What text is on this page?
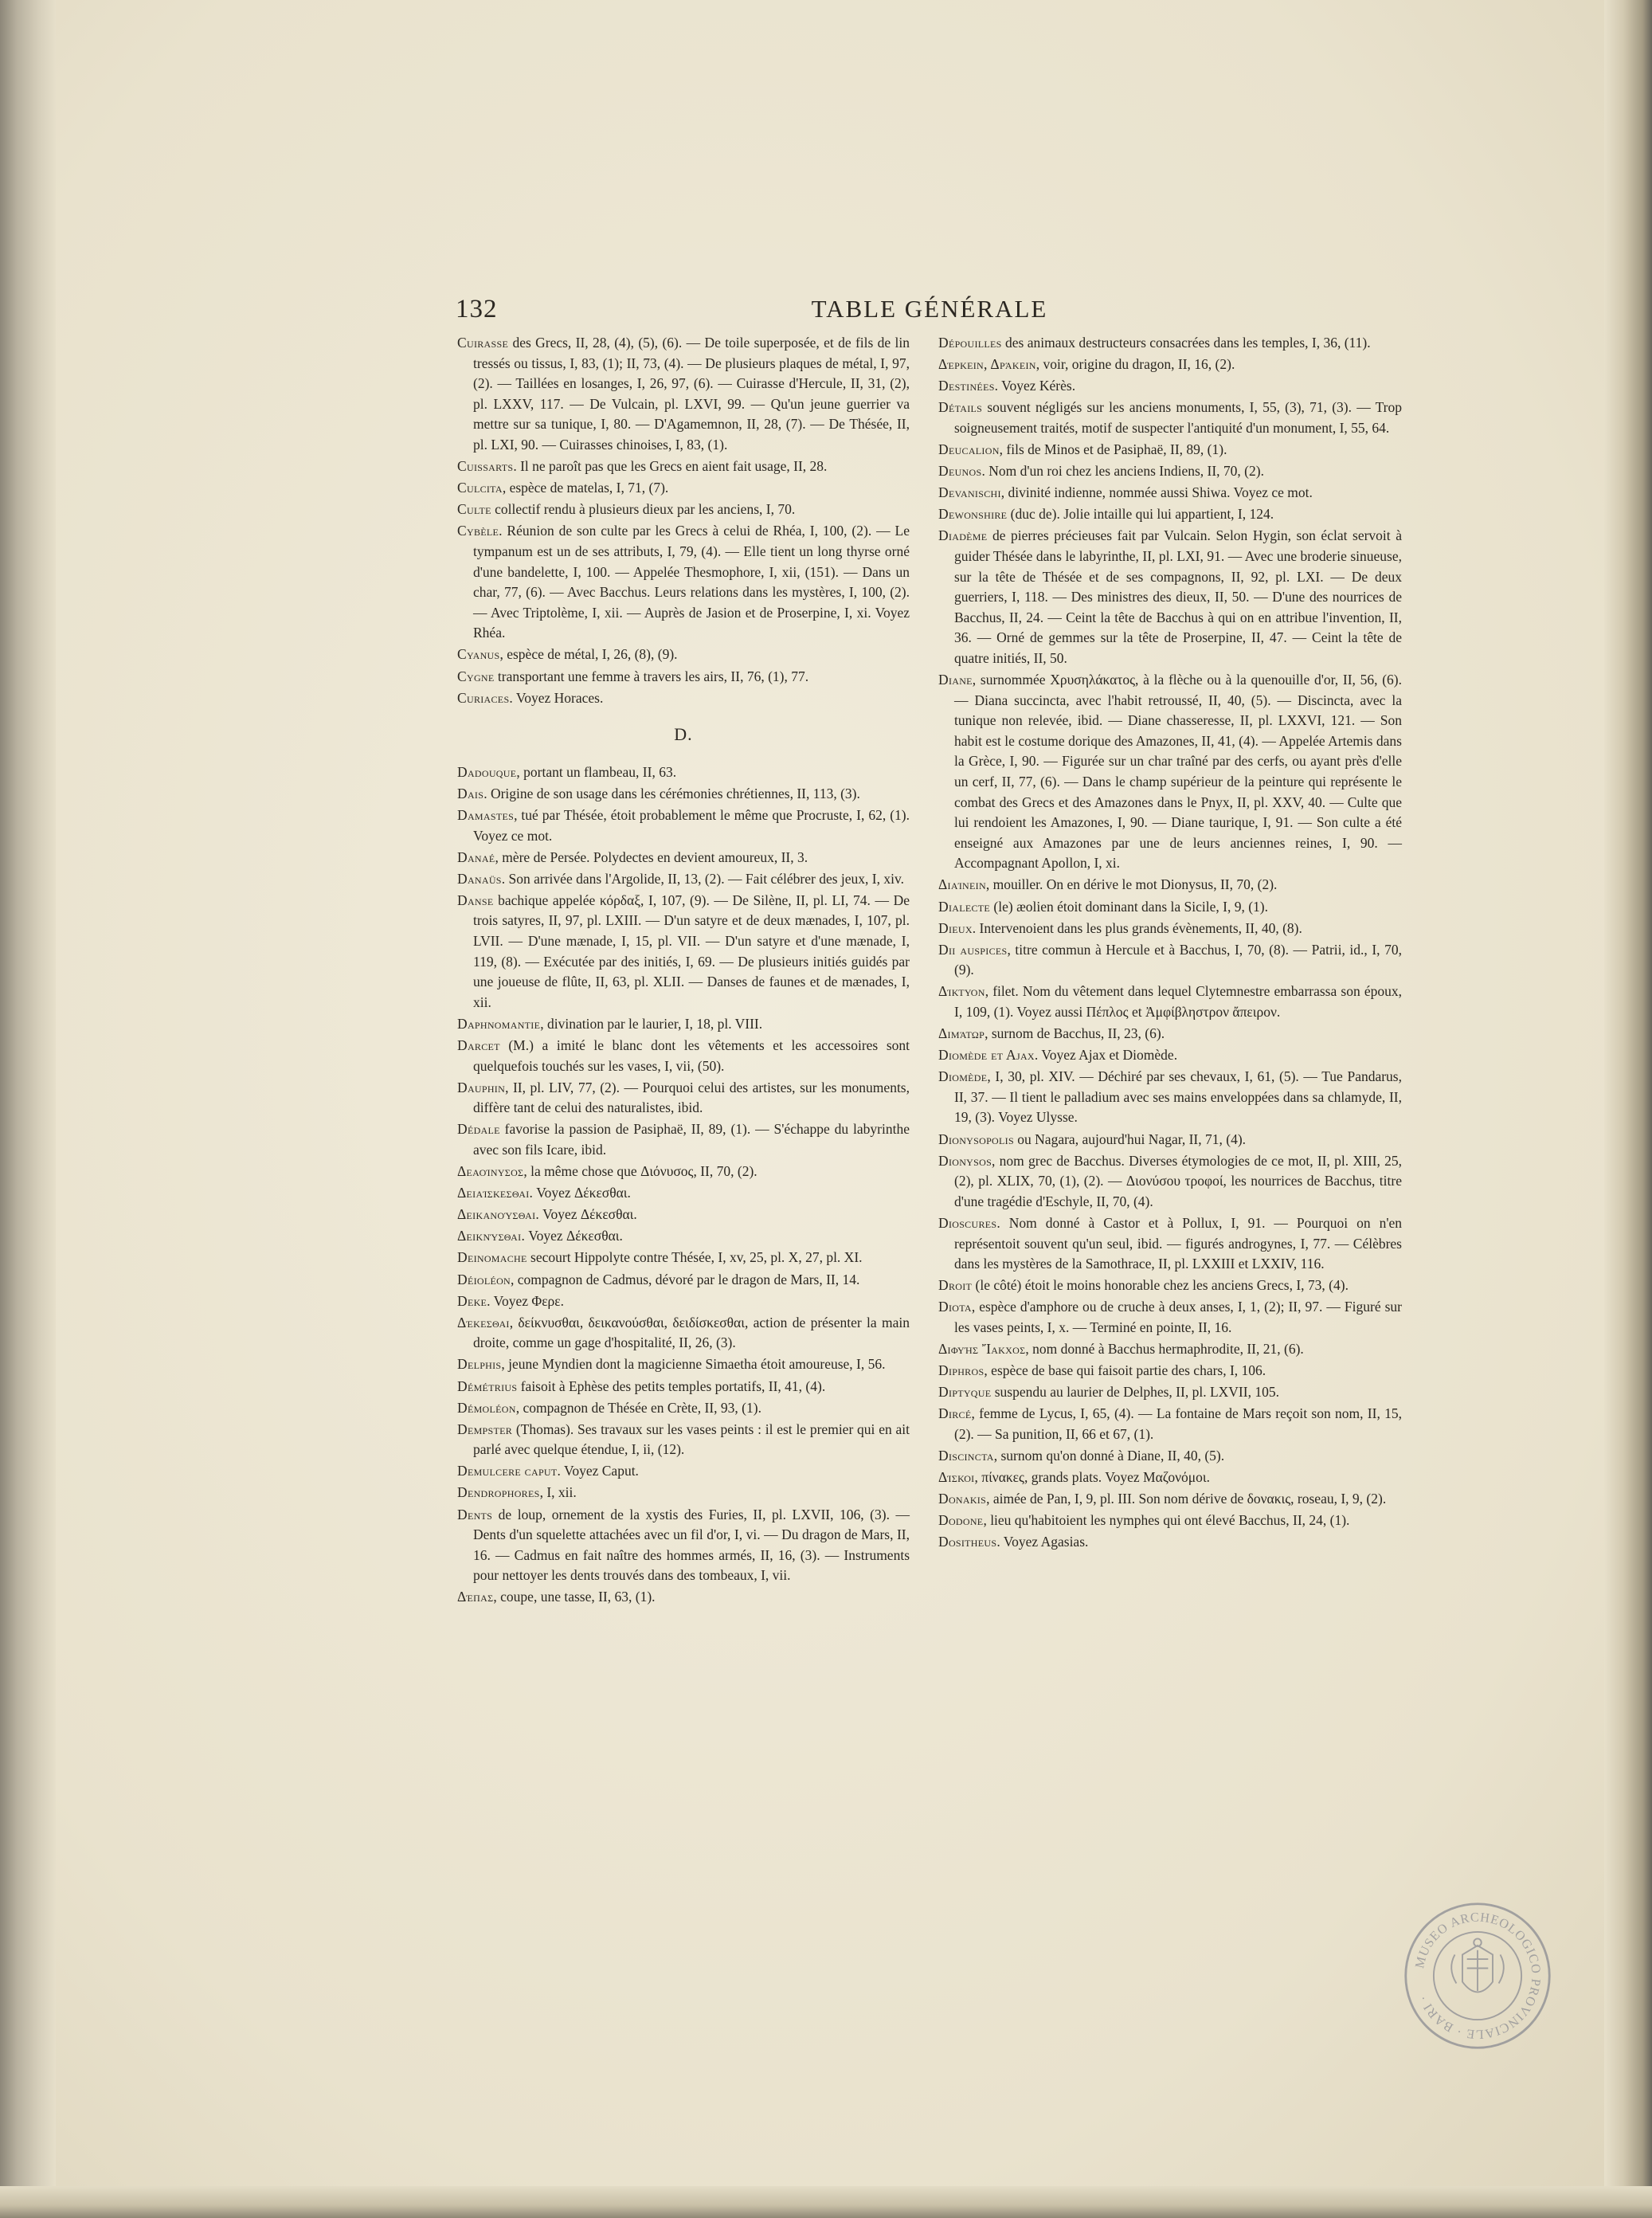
132	TABLE GÉNÉRALE

Cuirasse des Grecs, II, 28, (4), (5), (6). — De toile superposée, et de fils de lin tressés ou tissus, I, 83, (1); II, 73, (4). — De plusieurs plaques de métal, I, 97, (2). — Taillées en losanges, I, 26, 97, (6). — Cuirasse d'Hercule, II, 31, (2), pl. LXXV, 117. — De Vulcain, pl. LXVI, 99. — Qu'un jeune guerrier va mettre sur sa tunique, I, 80. — D'Agamemnon, II, 28, (7). — De Thésée, II, pl. LXI, 90. — Cuirasses chinoises, I, 83, (1).

Cuissarts. Il ne paroît pas que les Grecs en aient fait usage, II, 28.

Culcita, espèce de matelas, I, 71, (7).

Culte collectif rendu à plusieurs dieux par les anciens, I, 70.

Cybèle. Réunion de son culte par les Grecs à celui de Rhéa, I, 100, (2). — Le tympanum est un de ses attributs, I, 79, (4). — Elle tient un long thyrse orné d'une bandelette, I, 100. — Appelée Thesmophore, I, xii, (151). — Dans un char, 77, (6). — Avec Bacchus. Leurs relations dans les mystères, I, 100, (2). — Avec Triptolème, I, xii. — Auprès de Jasion et de Proserpine, I, xi. Voyez Rhéa.

Cyanus, espèce de métal, I, 26, (8), (9).

Cygne transportant une femme à travers les airs, II, 76, (1), 77.

Curiaces. Voyez Horaces.

D.

Dadouque, portant un flambeau, II, 63.

Dais. Origine de son usage dans les cérémonies chrétiennes, II, 113, (3).

Damastes, tué par Thésée, étoit probablement le même que Procruste, I, 62, (1). Voyez ce mot.

Danaé, mère de Persée. Polydectes en devient amoureux, II, 3.

Danaüs. Son arrivée dans l'Argolide, II, 13, (2). — Fait célébrer des jeux, I, xiv.

Danse bachique appelée κόρδαξ, I, 107, (9). — De Silène, II, pl. LI, 74. — De trois satyres, II, 97, pl. LXIII. — D'un satyre et de deux mænades, I, 107, pl. LVII. — D'une mænade, I, 15, pl. VII. — D'un satyre et d'une mænade, I, 119, (8). — Exécutée par des initiés, I, 69. — De plusieurs initiés guidés par une joueuse de flûte, II, 63, pl. XLII. — Danses de faunes et de mænades, I, xii.

Daphnomantie, divination par le laurier, I, 18, pl. VIII.

Darcet (M.) a imité le blanc dont les vêtements et les accessoires sont quelquefois touchés sur les vases, I, vii, (50).

Dauphin, II, pl. LIV, 77, (2). — Pourquoi celui des artistes, sur les monuments, diffère tant de celui des naturalistes, ibid.

Dédale favorise la passion de Pasiphaë, II, 89, (1). — S'échappe du labyrinthe avec son fils Icare, ibid.

Δεαοίνυσος, la même chose que Διόνυσος, II, 70, (2).

Δειαίσκεσθαι. Voyez Δέκεσθαι.

Δεικανούσθαι. Voyez Δέκεσθαι.

Δεικνύσθαι. Voyez Δέκεσθαι.

Deinomache secourt Hippolyte contre Thésée, I, xv, 25, pl. X, 27, pl. XI.

Déioléon, compagnon de Cadmus, dévoré par le dragon de Mars, II, 14.

Deke. Voyez Φερε.

Δέκεσθαι, δείκνυσθαι, δεικανούσθαι, δειδίσκεσθαι, action de présenter la main droite, comme un gage d'hospitalité, II, 26, (3).

Delphis, jeune Myndien dont la magicienne Simaetha étoit amoureuse, I, 56.

Démétrius faisoit à Ephèse des petits temples portatifs, II, 41, (4).

Démoléon, compagnon de Thésée en Crète, II, 93, (1).

Dempster (Thomas). Ses travaux sur les vases peints : il est le premier qui en ait parlé avec quelque étendue, I, ii, (12).

Demulcere caput. Voyez Caput.

Dendrophores, I, xii.

Dents de loup, ornement de la xystis des Furies, II, pl. LXVII, 106, (3). — Dents d'un squelette attachées avec un fil d'or, I, vi. — Du dragon de Mars, II, 16. — Cadmus en fait naître des hommes armés, II, 16, (3). — Instruments pour nettoyer les dents trouvés dans des tombeaux, I, vii.

Δέπας, coupe, une tasse, II, 63, (1).

Dépouilles des animaux destructeurs consacrées dans les temples, I, 36, (11).

Δέρκειν, Δράκειν, voir, origine du dragon, II, 16, (2).

Destinées. Voyez Kérès.

Détails souvent négligés sur les anciens monuments, I, 55, (3), 71, (3). — Trop soigneusement traités, motif de suspecter l'antiquité d'un monument, I, 55, 64.

Deucalion, fils de Minos et de Pasiphaë, II, 89, (1).

Deunos. Nom d'un roi chez les anciens Indiens, II, 70, (2).

Devanischi, divinité indienne, nommée aussi Shiwa. Voyez ce mot.

Dewonshire (duc de). Jolie intaille qui lui appartient, I, 124.

Diadème de pierres précieuses fait par Vulcain. Selon Hygin, son éclat servoit à guider Thésée dans le labyrinthe, II, pl. LXI, 91. — Avec une broderie sinueuse, sur la tête de Thésée et de ses compagnons, II, 92, pl. LXI. — De deux guerriers, I, 118. — Des ministres des dieux, II, 50. — D'une des nourrices de Bacchus, II, 24. — Ceint la tête de Bacchus à qui on en attribue l'invention, II, 36. — Orné de gemmes sur la tête de Proserpine, II, 47. — Ceint la tête de quatre initiés, II, 50.

Diane, surnommée Χρυσηλάκατος, à la flèche ou à la quenouille d'or, II, 56, (6). — Diana succincta, avec l'habit retroussé, II, 40, (5). — Discincta, avec la tunique non relevée, ibid. — Diane chasseresse, II, pl. LXXVI, 121. — Son habit est le costume dorique des Amazones, II, 41, (4). — Appelée Artemis dans la Grèce, I, 90. — Figurée sur un char traîné par des cerfs, ou ayant près d'elle un cerf, II, 77, (6). — Dans le champ supérieur de la peinture qui représente le combat des Grecs et des Amazones dans le Pnyx, II, pl. XXV, 40. — Culte que lui rendoient les Amazones, I, 90. — Diane taurique, I, 91. — Son culte a été enseigné aux Amazones par une de leurs anciennes reines, I, 90. — Accompagnant Apollon, I, xi.

Διαίνειν, mouiller. On en dérive le mot Dionysus, II, 70, (2).

Dialecte (le) æolien étoit dominant dans la Sicile, I, 9, (1).

Dieux. Intervenoient dans les plus grands évènements, II, 40, (8).

Dii auspices, titre commun à Hercule et à Bacchus, I, 70, (8). — Patrii, id., I, 70, (9).

Δίκτυον, filet. Nom du vêtement dans lequel Clytemnestre embarrassa son époux, I, 109, (1). Voyez aussi Πέπλος et Ἀμφίβληστρον ἄπειρον.

Διμάτωρ, surnom de Bacchus, II, 23, (6).

Diomède et Ajax. Voyez Ajax et Diomède.

Diomède, I, 30, pl. XIV. — Déchiré par ses chevaux, I, 61, (5). — Tue Pandarus, II, 37. — Il tient le palladium avec ses mains enveloppées dans sa chlamyde, II, 19, (3). Voyez Ulysse.

Dionysopolis ou Nagara, aujourd'hui Nagar, II, 71, (4).

Dionysos, nom grec de Bacchus. Diverses étymologies de ce mot, II, pl. XIII, 25, (2), pl. XLIX, 70, (1), (2). — Διονύσου τροφοί, les nourrices de Bacchus, titre d'une tragédie d'Eschyle, II, 70, (4).

Dioscures. Nom donné à Castor et à Pollux, I, 91. — Pourquoi on n'en représentoit souvent qu'un seul, ibid. — figurés androgynes, I, 77. — Célèbres dans les mystères de la Samothrace, II, pl. LXXIII et LXXIV, 116.

Droit (le côté) étoit le moins honorable chez les anciens Grecs, I, 73, (4).

Diota, espèce d'amphore ou de cruche à deux anses, I, 1, (2); II, 97. — Figuré sur les vases peints, I, x. — Terminé en pointe, II, 16.

Διφυής Ἴακχος, nom donné à Bacchus hermaphrodite, II, 21, (6).

Diphros, espèce de base qui faisoit partie des chars, I, 106.

Diptyque suspendu au laurier de Delphes, II, pl. LXVII, 105.

Dircé, femme de Lycus, I, 65, (4). — La fontaine de Mars reçoit son nom, II, 15, (2). — Sa punition, II, 66 et 67, (1).

Discincta, surnom qu'on donné à Diane, II, 40, (5).

Δίσκοι, πίνακες, grands plats. Voyez Μαζονόμοι.

Donakis, aimée de Pan, I, 9, pl. III. Son nom dérive de δονακις, roseau, I, 9, (2).

Dodone, lieu qu'habitoient les nymphes qui ont élevé Bacchus, II, 24, (1).

Dositheus. Voyez Agasias.

MUSEO ARCHEOLOGICO PROVINCIALE · BARI ·
